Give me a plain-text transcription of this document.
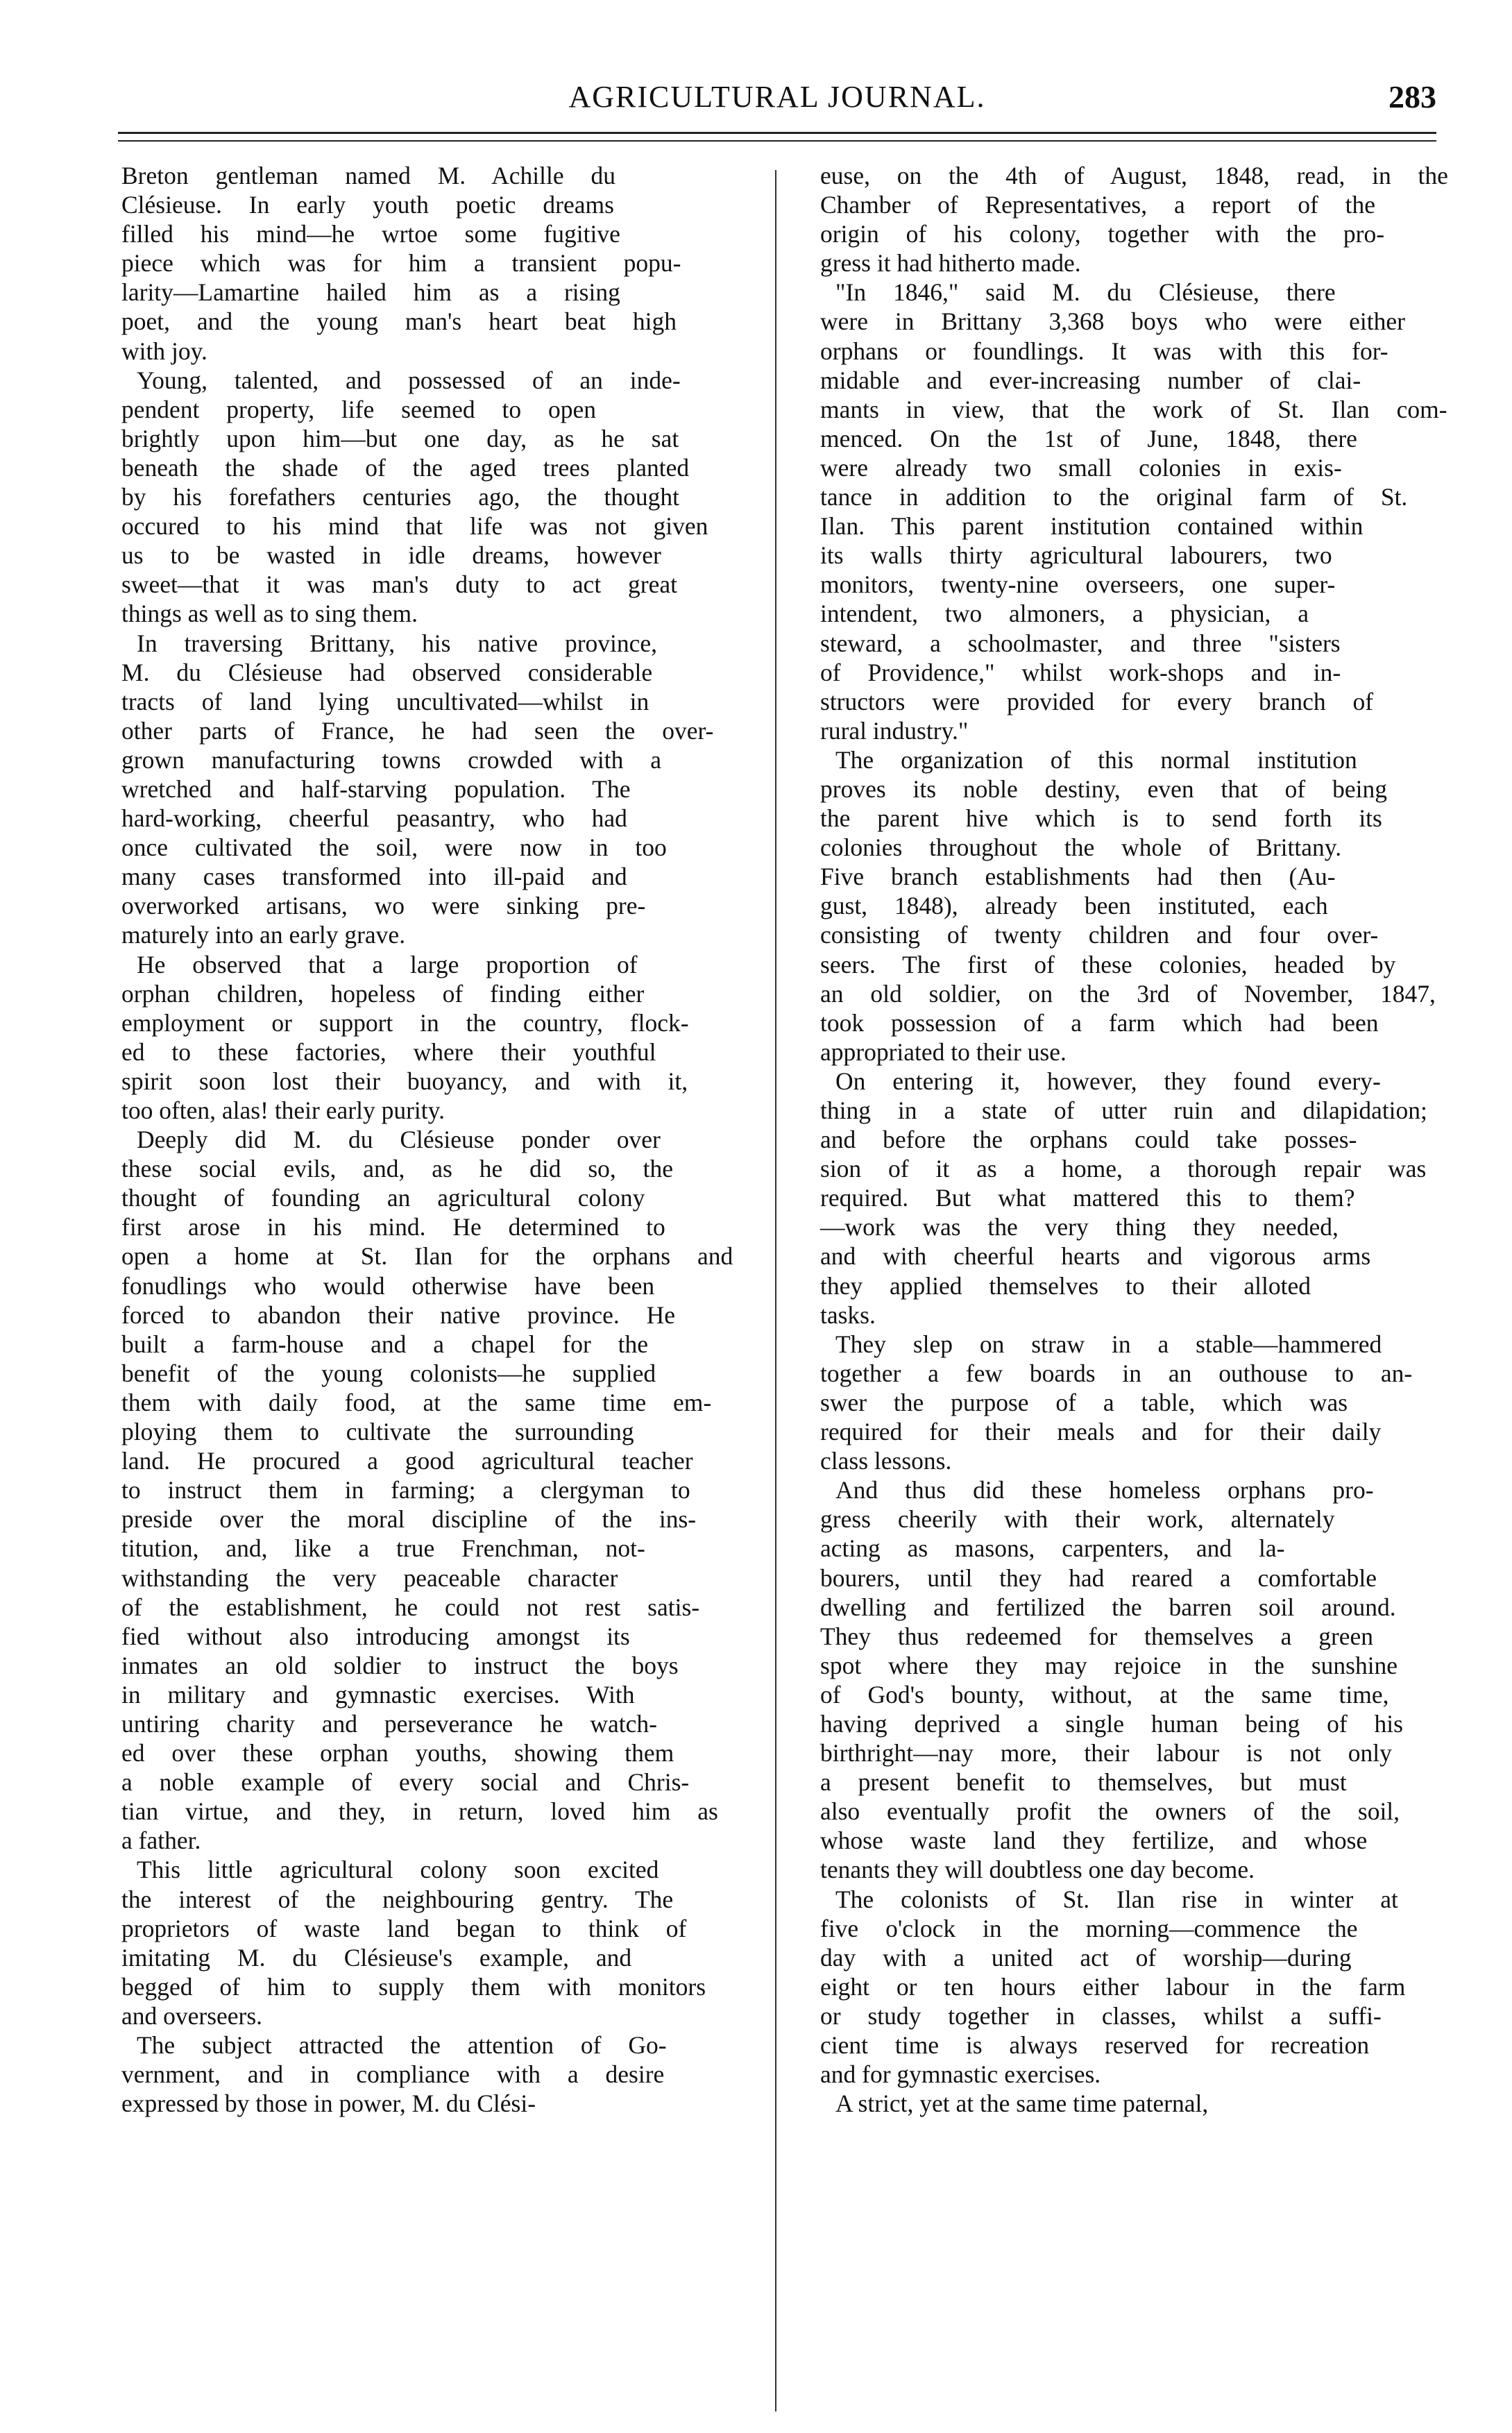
AGRICULTURAL JOURNAL.	283
Breton gentleman named M. Achille du
Clésieuse. In early youth poetic dreams
filled his mind—he wrtoe some fugitive
piece which was for him a transient popu-
larity—Lamartine hailed him as a rising
poet, and the young man's heart beat high
with joy.
Young, talented, and possessed of an inde-
pendent property, life seemed to open
brightly upon him—but one day, as he sat
beneath the shade of the aged trees planted
by his forefathers centuries ago, the thought
occured to his mind that life was not given
us to be wasted in idle dreams, however
sweet—that it was man's duty to act great
things as well as to sing them.
In traversing Brittany, his native province,
M. du Clésieuse had observed considerable
tracts of land lying uncultivated—whilst in
other parts of France, he had seen the over-
grown manufacturing towns crowded with a
wretched and half-starving population. The
hard-working, cheerful peasantry, who had
once cultivated the soil, were now in too
many cases transformed into ill-paid and
overworked artisans, wo were sinking pre-
maturely into an early grave.
He observed that a large proportion of
orphan children, hopeless of finding either
employment or support in the country, flock-
ed to these factories, where their youthful
spirit soon lost their buoyancy, and with it,
too often, alas! their early purity.
Deeply did M. du Clésieuse ponder over
these social evils, and, as he did so, the
thought of founding an agricultural colony
first arose in his mind. He determined to
open a home at St. Ilan for the orphans and
fonudlings who would otherwise have been
forced to abandon their native province. He
built a farm-house and a chapel for the
benefit of the young colonists—he supplied
them with daily food, at the same time em-
ploying them to cultivate the surrounding
land. He procured a good agricultural teacher
to instruct them in farming; a clergyman to
preside over the moral discipline of the ins-
titution, and, like a true Frenchman, not-
withstanding the very peaceable character
of the establishment, he could not rest satis-
fied without also introducing amongst its
inmates an old soldier to instruct the boys
in military and gymnastic exercises. With
untiring charity and perseverance he watch-
ed over these orphan youths, showing them
a noble example of every social and Chris-
tian virtue, and they, in return, loved him as
a father.
This little agricultural colony soon excited
the interest of the neighbouring gentry. The
proprietors of waste land began to think of
imitating M. du Clésieuse's example, and
begged of him to supply them with monitors
and overseers.
The subject attracted the attention of Go-
vernment, and in compliance with a desire
expressed by those in power, M. du Clési-
euse, on the 4th of August, 1848, read, in the
Chamber of Representatives, a report of the
origin of his colony, together with the pro-
gress it had hitherto made.
"In 1846," said M. du Clésieuse, there
were in Brittany 3,368 boys who were either
orphans or foundlings. It was with this for-
midable and ever-increasing number of clai-
mants in view, that the work of St. Ilan com-
menced. On the 1st of June, 1848, there
were already two small colonies in exis-
tance in addition to the original farm of St.
Ilan. This parent institution contained within
its walls thirty agricultural labourers, two
monitors, twenty-nine overseers, one super-
intendent, two almoners, a physician, a
steward, a schoolmaster, and three "sisters
of Providence," whilst work-shops and in-
structors were provided for every branch of
rural industry."
The organization of this normal institution
proves its noble destiny, even that of being
the parent hive which is to send forth its
colonies throughout the whole of Brittany.
Five branch establishments had then (Au-
gust, 1848), already been instituted, each
consisting of twenty children and four over-
seers. The first of these colonies, headed by
an old soldier, on the 3rd of November, 1847,
took possession of a farm which had been
appropriated to their use.
On entering it, however, they found every-
thing in a state of utter ruin and dilapidation;
and before the orphans could take posses-
sion of it as a home, a thorough repair was
required. But what mattered this to them?
—work was the very thing they needed,
and with cheerful hearts and vigorous arms
they applied themselves to their alloted
tasks.
They slep on straw in a stable—hammered
together a few boards in an outhouse to an-
swer the purpose of a table, which was
required for their meals and for their daily
class lessons.
And thus did these homeless orphans pro-
gress cheerily with their work, alternately
acting as masons, carpenters, and la-
bourers, until they had reared a comfortable
dwelling and fertilized the barren soil around.
They thus redeemed for themselves a green
spot where they may rejoice in the sunshine
of God's bounty, without, at the same time,
having deprived a single human being of his
birthright—nay more, their labour is not only
a present benefit to themselves, but must
also eventually profit the owners of the soil,
whose waste land they fertilize, and whose
tenants they will doubtless one day become.
The colonists of St. Ilan rise in winter at
five o'clock in the morning—commence the
day with a united act of worship—during
eight or ten hours either labour in the farm
or study together in classes, whilst a suffi-
cient time is always reserved for recreation
and for gymnastic exercises.
A strict, yet at the same time paternal,
